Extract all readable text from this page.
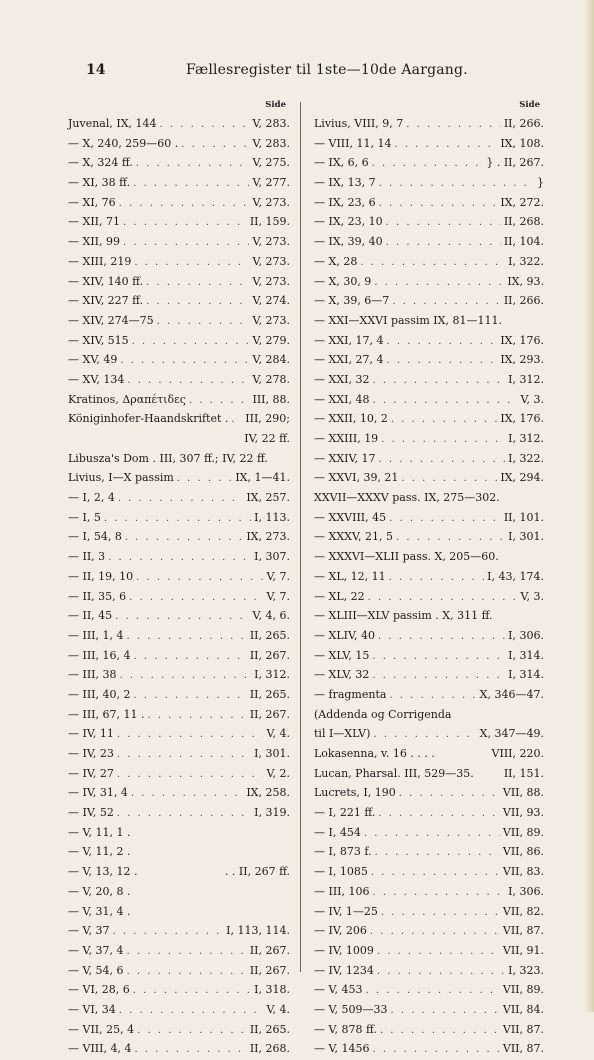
14	Fællesregister til 1ste—10de Aargang.
Side
Juvenal, IX, 144 . . .	V, 283.
— X, 240, 259—60 . . . .	V, 283.
— X, 324 ff. . . .	V, 275.
— XI, 38 ff. . . .	V, 277.
— XI, 76 . . .	V, 273.
— XII, 71 . . .	II, 159.
— XII, 99 . . .	V, 273.
— XIII, 219 . . .	V, 273.
— XIV, 140 ff. . . .	V, 273.
— XIV, 227 ff. . . .	V, 274.
— XIV, 274—75 . . .	V, 273.
— XIV, 515 . . .	V, 279.
— XV, 49 . . .	V, 284.
— XV, 134 . . .	V, 278.
Kratinos, Δραπέτιδες . . .	III, 88.
Königinhofer-Haandskriftet . . . . III, 290;
IV, 22 ff.
Libusza's Dom . III, 307 ff.; IV, 22 ff.
Livius, I—X passim . . .	IX, 1—41.
— I, 2, 4 . . .	IX, 257.
— I, 5 . . .	I, 113.
— I, 54, 8 . . .	IX, 273.
— II, 3 . . .	I, 307.
— II, 19, 10 . . .	V, 7.
— II, 35, 6 . . .	V, 7.
— II, 45 . . .	V, 4, 6.
— III, 1, 4 . . .	II, 265.
— III, 16, 4 . . .	II, 267.
— III, 38 . . .	I, 312.
— III, 40, 2 . . .	II, 265.
— III, 67, 11 . . . .	II, 267.
— IV, 11 . . .	V, 4.
— IV, 23 . . .	I, 301.
— IV, 27 . . .	V, 2.
— IV, 31, 4 . . .	IX, 258.
— IV, 52 . . .	I, 319.
— V, 11, 1 .
— V, 11, 2 .
— V, 13, 12 .	. . II, 267 ff.
— V, 20, 8 .
— V, 31, 4 .
— V, 37 . . .	I, 113, 114.
— V, 37, 4 . . .	II, 267.
— V, 54, 6 . . .	II, 267.
— VI, 28, 6 . . .	I, 318.
— VI, 34 . . .	V, 4.
— VII, 25, 4 . . .	II, 265.
— VIII, 4, 4 . . .	II, 268.
Side
Livius, VIII, 9, 7 . . .	II, 266.
— VIII, 11, 14 . . .	IX, 108.
— IX, 6, 6 . . .	} . II, 267.
— IX, 13, 7 . . .	}
— IX, 23, 6 . . .	IX, 272.
— IX, 23, 10 . . .	II, 268.
— IX, 39, 40 . . .	II, 104.
— X, 28 . . .	I, 322.
— X, 30, 9 . . .	IX, 93.
— X, 39, 6—7 . . .	II, 266.
— XXI—XXVI passim IX, 81—111.
— XXI, 17, 4 . . .	IX, 176.
— XXI, 27, 4 . . .	IX, 293.
— XXI, 32 . . .	I, 312.
— XXI, 48 . . .	V, 3.
— XXII, 10, 2 . . .	IX, 176.
— XXIII, 19 . . .	I, 312.
— XXIV, 17 . . .	I, 322.
— XXVI, 39, 21 . . .	IX, 294.
XXVII—XXXV pass. IX, 275—302.
— XXVIII, 45 . . .	II, 101.
— XXXV, 21, 5 . . .	I, 301.
— XXXVI—XLII pass. X, 205—60.
— XL, 12, 11 . . .	I, 43, 174.
— XL, 22 . . .	V, 3.
— XLIII—XLV passim . X, 311 ff.
— XLIV, 40 . . .	I, 306.
— XLV, 15 . . .	I, 314.
— XLV, 32 . . .	I, 314.
— fragmenta . . .	X, 346—47.
(Addenda og Corrigenda
til I—XLV) . . .	X, 347—49.
Lokasenna, v. 16 . . . .	VIII, 220.
Lucan, Pharsal. III, 529—35.	II, 151.
Lucrets, I, 190 . . .	VII, 88.
— I, 221 ff. . . .	VII, 93.
— I, 454 . . .	VII, 89.
— I, 873 f. . . .	VII, 86.
— I, 1085 . . .	VII, 83.
— III, 106 . . .	I, 306.
— IV, 1—25 . . .	VII, 82.
— IV, 206 . . .	VII, 87.
— IV, 1009 . . .	VII, 91.
— IV, 1234 . . .	I, 323.
— V, 453 . . .	VII, 89.
— V, 509—33 . . .	VII, 84.
— V, 878 ff. . . .	VII, 87.
— V, 1456 . . .	VII, 87.
